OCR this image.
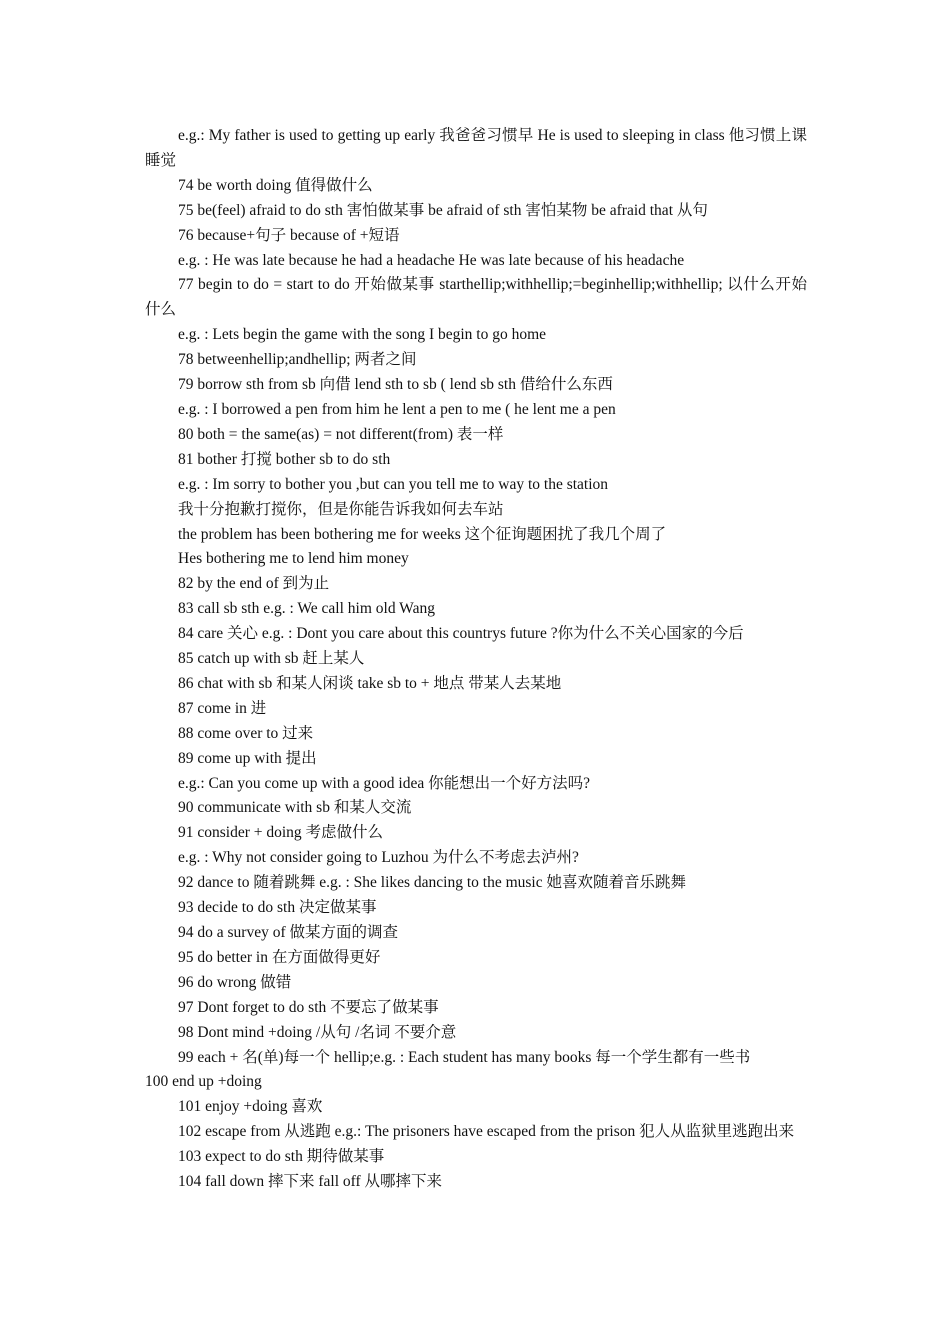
e.g.: My father is used to getting up early 我爸爸习惯早 He is used to sleeping in class 他习惯上课睡觉

74 be worth doing 值得做什么

75 be(feel) afraid to do sth 害怕做某事 be afraid of sth 害怕某物 be afraid that 从句

76 because+句子 because of +短语

e.g. : He was late because he had a headache He was late because of his headache

77 begin to do = start to do 开始做某事 starthellip;withhellip;=beginhellip;withhellip; 以什么开始什么

e.g. : Lets begin the game with the song I begin to go home

78 betweenhellip;andhellip; 两者之间

79 borrow sth from sb 向借 lend sth to sb ( lend sb sth 借给什么东西

e.g. : I borrowed a pen from him he lent a pen to me ( he lent me a pen

80 both = the same(as) = not different(from) 表一样

81 bother 打搅 bother sb to do sth

e.g. : Im sorry to bother you ,but can you tell me to way to the station

我十分抱歉打搅你，但是你能告诉我如何去车站

the problem has been bothering me for weeks 这个征询题困扰了我几个周了

Hes bothering me to lend him money

82 by the end of 到为止

83 call sb sth e.g. : We call him old Wang

84 care 关心 e.g. : Dont you care about this countrys future ?你为什么不关心国家的今后

85 catch up with sb 赶上某人

86 chat with sb 和某人闲谈 take sb to + 地点 带某人去某地

87 come in 进

88 come over to 过来

89 come up with 提出

e.g.: Can you come up with a good idea 你能想出一个好方法吗?

90 communicate with sb 和某人交流

91 consider + doing 考虑做什么

e.g. : Why not consider going to Luzhou 为什么不考虑去泸州?

92 dance to 随着跳舞 e.g. : She likes dancing to the music 她喜欢随着音乐跳舞

93 decide to do sth 决定做某事

94 do a survey of 做某方面的调查

95 do better in 在方面做得更好

96 do wrong 做错

97 Dont forget to do sth 不要忘了做某事

98 Dont mind +doing /从句 /名词 不要介意

99 each + 名(单)每一个 hellip;e.g. : Each student has many books 每一个学生都有一些书

100 end up +doing

101 enjoy +doing 喜欢

102 escape from 从逃跑 e.g.: The prisoners have escaped from the prison 犯人从监狱里逃跑出来

103 expect to do sth 期待做某事

104 fall down 摔下来 fall off 从哪摔下来
